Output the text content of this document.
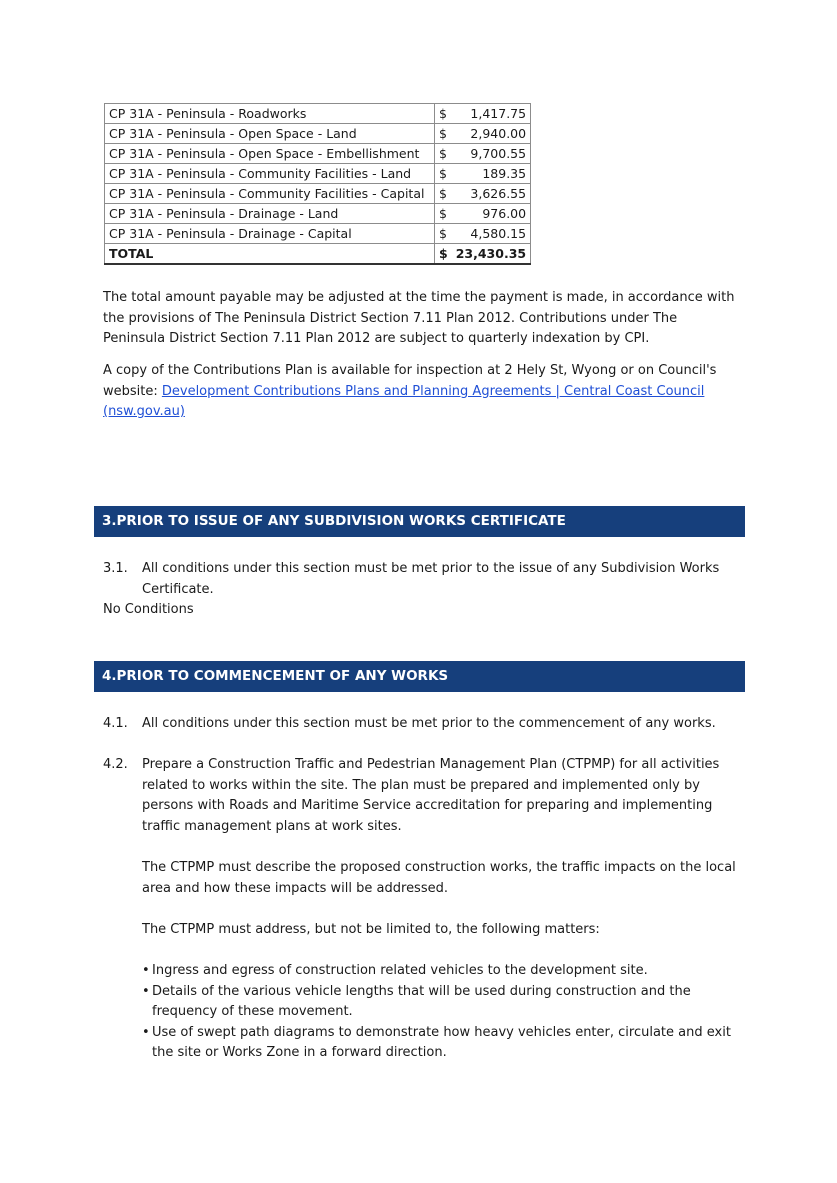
CP 31A - Peninsula - Roadworks	$	1,417.75
CP 31A - Peninsula - Open Space - Land	$	2,940.00
CP 31A - Peninsula - Open Space - Embellishment	$	9,700.55
CP 31A - Peninsula - Community Facilities - Land	$	189.35
CP 31A - Peninsula - Community Facilities - Capital	$	3,626.55
CP 31A - Peninsula - Drainage - Land	$	976.00
CP 31A - Peninsula - Drainage - Capital	$	4,580.15
TOTAL	$	23,430.35

The total amount payable may be adjusted at the time the payment is made, in accordance with the provisions of The Peninsula District Section 7.11 Plan 2012. Contributions under The Peninsula District Section 7.11 Plan 2012 are subject to quarterly indexation by CPI.

A copy of the Contributions Plan is available for inspection at 2 Hely St, Wyong or on Council's website: Development Contributions Plans and Planning Agreements | Central Coast Council (nsw.gov.au)

3.PRIOR TO ISSUE OF ANY SUBDIVISION WORKS CERTIFICATE
3.1.	All conditions under this section must be met prior to the issue of any Subdivision Works Certificate.

No Conditions

4.PRIOR TO COMMENCEMENT OF ANY WORKS
4.1.	All conditions under this section must be met prior to the commencement of any works.
4.2.	Prepare a Construction Traffic and Pedestrian Management Plan (CTPMP) for all activities related to works within the site. The plan must be prepared and implemented only by persons with Roads and Maritime Service accreditation for preparing and implementing traffic management plans at work sites.
The CTPMP must describe the proposed construction works, the traffic impacts on the local area and how these impacts will be addressed.
The CTPMP must address, but not be limited to, the following matters:
• Ingress and egress of construction related vehicles to the development site.
• Details of the various vehicle lengths that will be used during construction and the frequency of these movement.
• Use of swept path diagrams to demonstrate how heavy vehicles enter, circulate and exit the site or Works Zone in a forward direction.
